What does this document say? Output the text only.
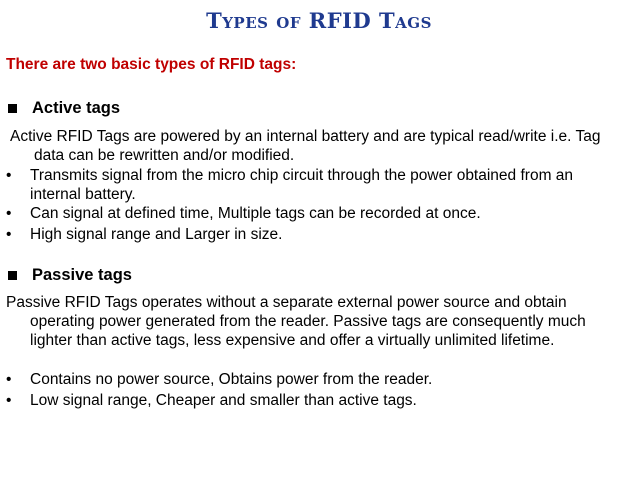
Types of RFID Tags
There are two basic types of RFID tags:
Active tags
Active RFID Tags are powered by an internal battery and are typical read/write i.e. Tag
data can be rewritten and/or modified.
•	Transmits signal from the micro chip circuit through the power obtained from an
internal battery.
•	Can signal at defined time, Multiple tags can be recorded at once.
•	High signal range and Larger in size.
Passive tags
Passive RFID Tags operates without a separate external power source and obtain
operating power generated from the reader. Passive tags are consequently much
lighter than active tags, less expensive and offer a virtually unlimited lifetime.
•	Contains no power source, Obtains power from the reader.
•	Low signal range, Cheaper and smaller than active tags.
